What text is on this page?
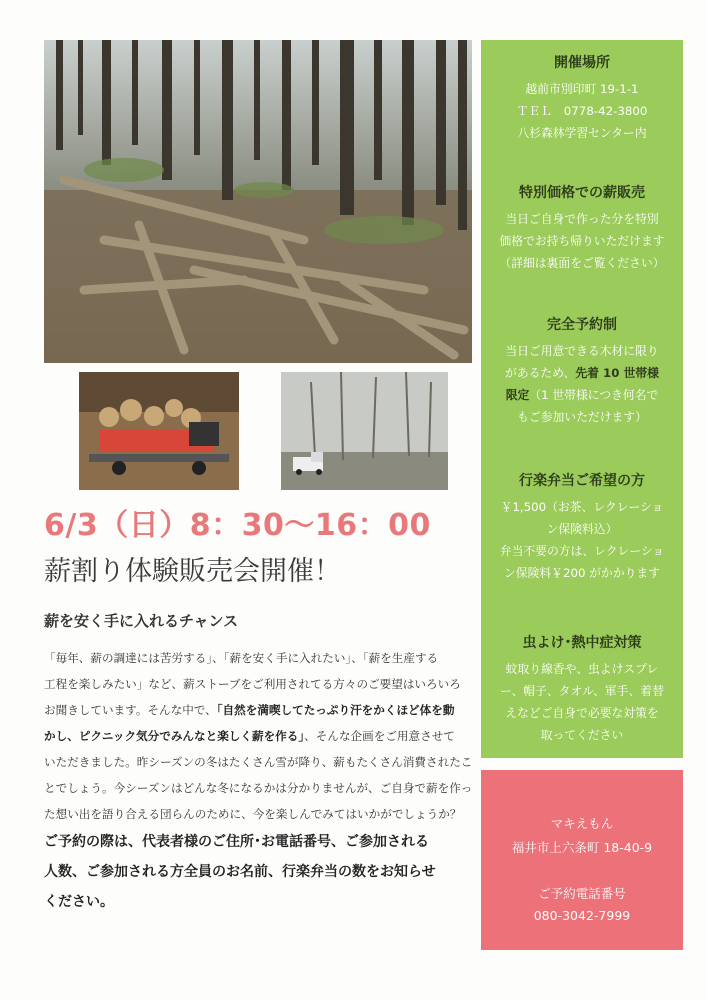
6/3（日）8：30〜16：00
薪割り体験販売会開催！
薪を安く手に入れるチャンス
「毎年、薪の調達には苦労する」、「薪を安く手に入れたい」、「薪を生産する
工程を楽しみたい」など、薪ストーブをご利用されてる方々のご要望はいろいろ
お聞きしています。そんな中で、「自然を満喫してたっぷり汗をかくほど体を動
かし、ピクニック気分でみんなと楽しく薪を作る」、そんな企画をご用意させて
いただきました。昨シーズンの冬はたくさん雪が降り、薪もたくさん消費されたこ
とでしょう。今シーズンはどんな冬になるかは分かりませんが、ご自身で薪を作っ
た想い出を語り合える団らんのために、今を楽しんでみてはいかがでしょうか？
ご予約の際は、代表者様のご住所･お電話番号、ご参加される
人数、ご参加される方全員のお名前、行楽弁当の数をお知らせ
ください。
開催場所
越前市別印町 19-1-1
ＴＥＬ　0778-42-3800
八杉森林学習センター内
特別価格での薪販売
当日ご自身で作った分を特別
価格でお持ち帰りいただけます
（詳細は裏面をご覧ください）
完全予約制
当日ご用意できる木材に限り
があるため、先着 10 世帯様
限定（1 世帯様につき何名で
もご参加いただけます）
行楽弁当ご希望の方
￥1,500（お茶、レクレーショ
ン保険料込）
弁当不要の方は、レクレーショ
ン保険料￥200 がかかります
虫よけ･熱中症対策
蚊取り線香や、虫よけスプレ
ー、帽子、タオル、軍手、着替
えなどご自身で必要な対策を
取ってください
マキえもん
福井市上六条町 18-40-9
ご予約電話番号
080-3042-7999
